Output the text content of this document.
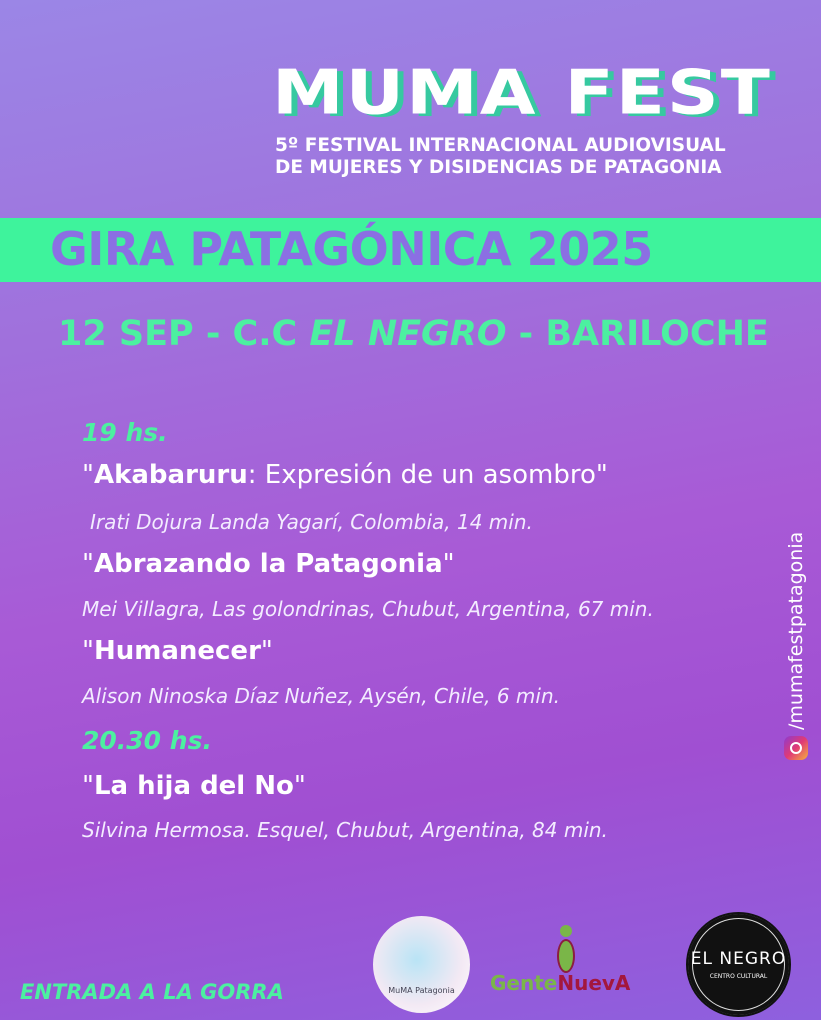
MUMA FEST
5º FESTIVAL INTERNACIONAL AUDIOVISUAL
DE MUJERES Y DISIDENCIAS DE PATAGONIA
GIRA PATAGÓNICA 2025
12 SEP - C.C EL NEGRO - BARILOCHE
19 hs.
"Akabaruru: Expresión de un asombro"
Irati Dojura Landa Yagarí, Colombia, 14 min.
"Abrazando la Patagonia"
Mei Villagra, Las golondrinas, Chubut, Argentina, 67 min.
"Humanecer"
Alison Ninoska Díaz Nuñez, Aysén, Chile, 6 min.
20.30 hs.
"La hija del No"
Silvina Hermosa. Esquel, Chubut, Argentina, 84 min.
/mumafestpatagonia
ENTRADA A LA GORRA	MuMA Patagonia GenteNuevA
EL NEGRO
CENTRO CULTURAL
